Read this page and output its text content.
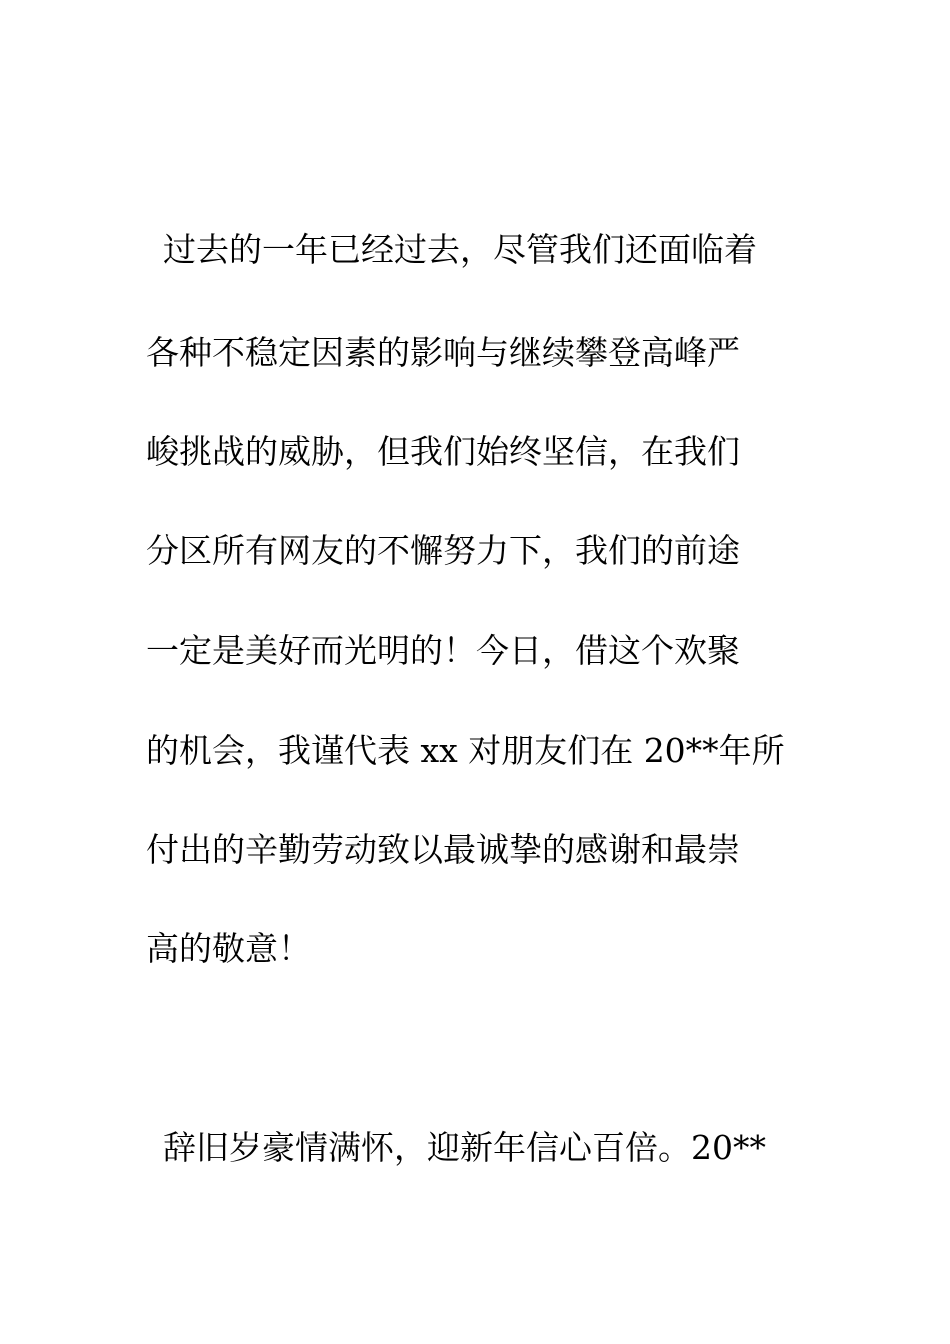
过去的一年已经过去，尽管我们还面临着
各种不稳定因素的影响与继续攀登高峰严
峻挑战的威胁，但我们始终坚信，在我们
分区所有网友的不懈努力下，我们的前途
一定是美好而光明的！今日，借这个欢聚
的机会，我谨代表 xx 对朋友们在 20**年所
付出的辛勤劳动致以最诚挚的感谢和最崇
高的敬意！
辞旧岁豪情满怀，迎新年信心百倍。20**
